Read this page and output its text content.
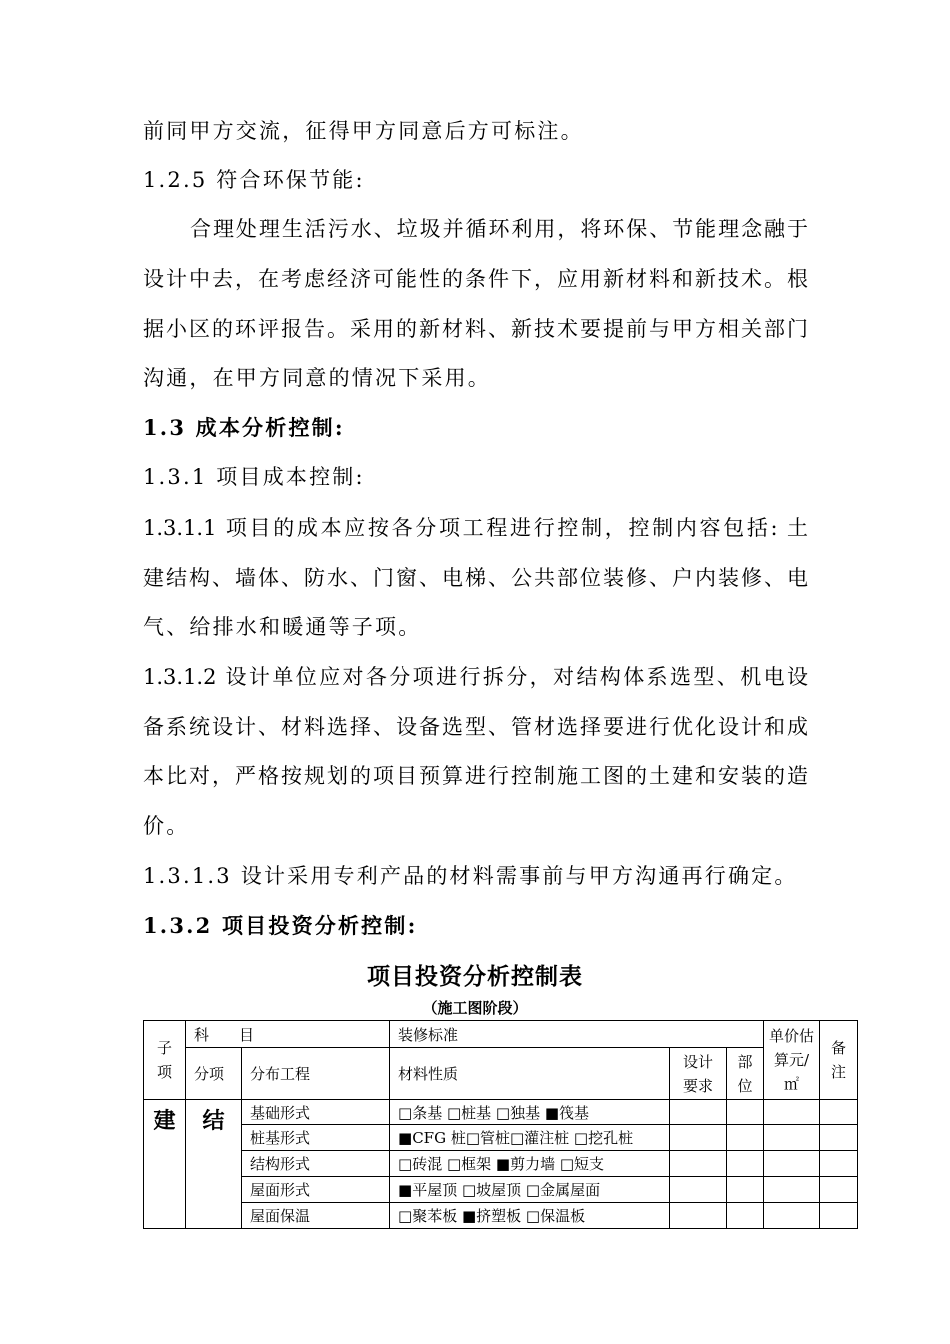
前同甲方交流，征得甲方同意后方可标注。
1.2.5 符合环保节能:
合理处理生活污水、垃圾并循环利用，将环保、节能理念融于
设计中去，在考虑经济可能性的条件下，应用新材料和新技术。根
据小区的环评报告。采用的新材料、新技术要提前与甲方相关部门
沟通，在甲方同意的情况下采用。
1.3 成本分析控制:
1.3.1 项目成本控制:
1.3.1.1 项目的成本应按各分项工程进行控制，控制内容包括: 土
建结构、墙体、防水、门窗、电梯、公共部位装修、户内装修、电
气、给排水和暖通等子项。
1.3.1.2 设计单位应对各分项进行拆分，对结构体系选型、机电设
备系统设计、材料选择、设备选型、管材选择要进行优化设计和成
本比对，严格按规划的项目预算进行控制施工图的土建和安装的造
价。
1.3.1.3 设计采用专利产品的材料需事前与甲方沟通再行确定。
1.3.2 项目投资分析控制:
项目投资分析控制表
（施工图阶段）
子项	科　　目		装修标准			单价估算元/㎡	备注
	分项	分布工程	材料性质	设计要求	部位		
建	结	基础形式	□条基 □桩基 □独基 ■筏基				
		桩基形式	■CFG 桩□管桩□灌注桩 □挖孔桩				
		结构形式	□砖混 □框架 ■剪力墙 □短支				
		屋面形式	■平屋顶 □坡屋顶 □金属屋面				
		屋面保温	□聚苯板 ■挤塑板 □保温板				
